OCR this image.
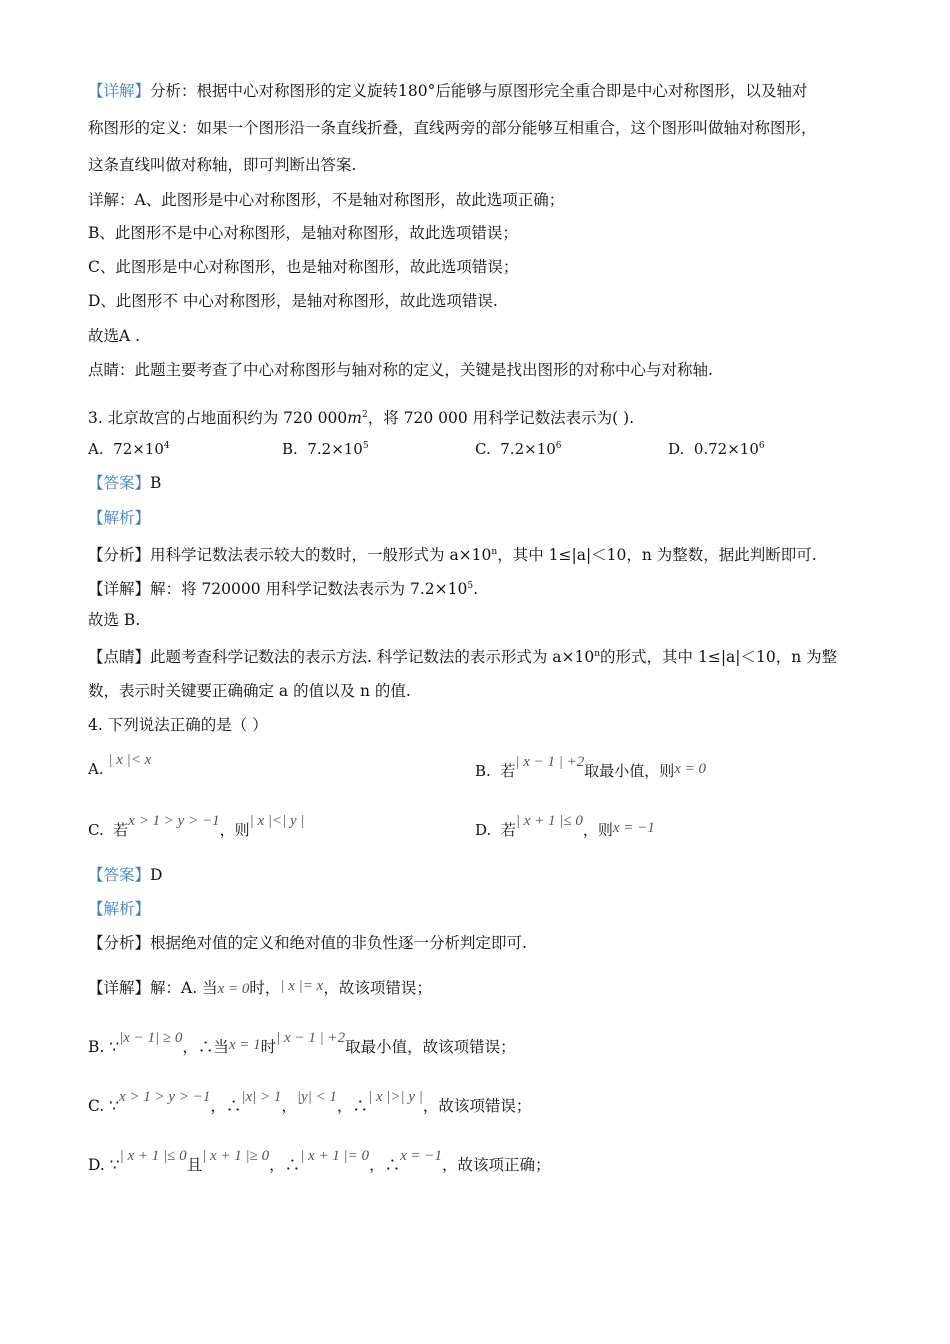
【详解】分析：根据中心对称图形的定义旋转180°后能够与原图形完全重合即是中心对称图形，以及轴对
称图形的定义：如果一个图形沿一条直线折叠，直线两旁的部分能够互相重合，这个图形叫做轴对称图形，
这条直线叫做对称轴，即可判断出答案.
详解：A、此图形是中心对称图形，不是轴对称图形，故此选项正确；
B、此图形不是中心对称图形，是轴对称图形，故此选项错误；
C、此图形是中心对称图形，也是轴对称图形，故此选项错误；
D、此图形不 中心对称图形，是轴对称图形，故此选项错误.
故选A .
点睛：此题主要考查了中心对称图形与轴对称的定义，关键是找出图形的对称中心与对称轴.
3. 北京故宫的占地面积约为 720 $000m^2$，将 720 000 用科学记数法表示为( ).
A. $72\times 10^4$	B. $7.2\times 10^5$	C. $7.2\times 10^6$	D. $0.72\times 10^6$
【答案】B
【解析】
【分析】用科学记数法表示较大的数时，一般形式为 $a\times 10^n$，其中 1≤|a|＜10，n 为整数，据此判断即可.
【详解】解：将 720000 用科学记数法表示为 $7.2\times 10^5$.
故选 B.
【点睛】此题考查科学记数法的表示方法. 科学记数法的表示形式为 $a\times 10^n$的形式，其中 1≤|a|＜10，n 为整
数，表示时关键要正确确定 a 的值以及 n 的值.
4. 下列说法正确的是（ ）
A. | x |< x
B. 若| x − 1 | +2取最小值，则x = 0
C. 若x > 1 > y > −1，则| x |<| y |	D. 若| x + 1 |≤ 0，则x = −1
【答案】D
【解析】
【分析】根据绝对值的定义和绝对值的非负性逐一分析判定即可.
【详解】解：A. 当x = 0时，| x |= x，故该项错误；
B. ∵|x − 1| ≥ 0，∴当x = 1时| x − 1 | +2取最小值，故该项错误；
C. ∵x > 1 > y > −1，∴|x| > 1，|y| < 1，∴| x |>| y |，故该项错误；
D. ∵| x + 1 |≤ 0且| x + 1 |≥ 0，∴| x + 1 |= 0，∴x = −1，故该项正确；
